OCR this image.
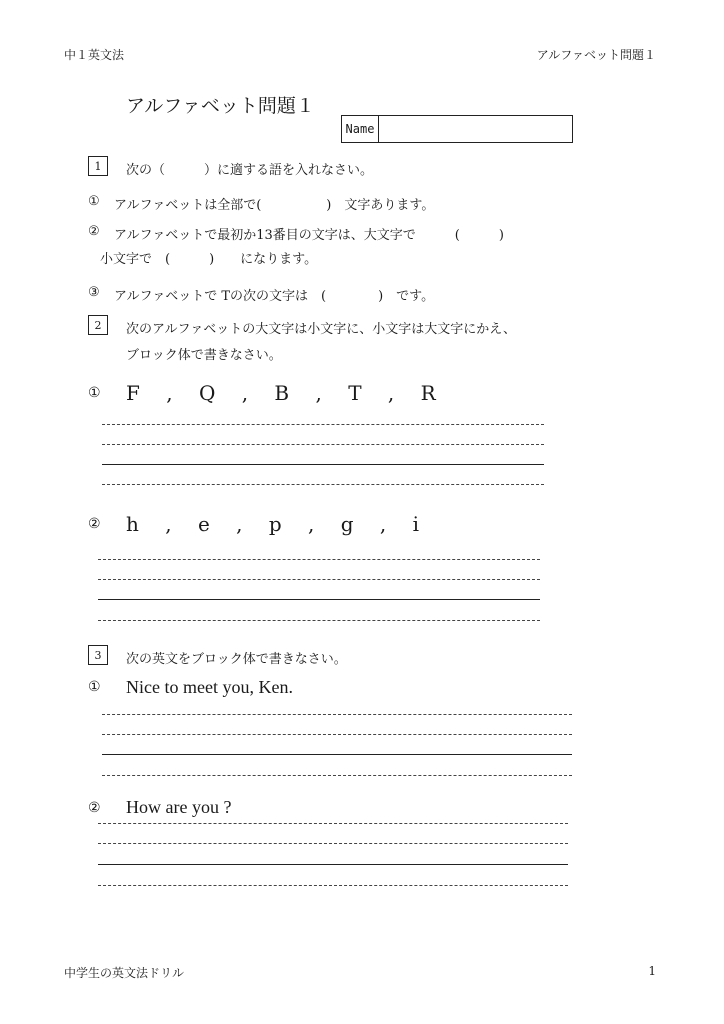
中１英文法	アルファベット問題１
アルファベット問題１
Name
1	次の（　　　）に適する語を入れなさい。
① アルファベットは全部で(　　　　　)　文字あります。
② アルファベットで最初か13番目の文字は、大文字で　　　(　　　)
小文字で　(　　　)　　になります。
③ アルファベットで Tの次の文字は　(　　　　)　です。
2	次のアルファベットの大文字は小文字に、小文字は大文字にかえ、
ブロック体で書きなさい。
① F , Q , B , T , R
② h , e , p , g , i
3	次の英文をブロック体で書きなさい。
① Nice to meet you, Ken.
② How are you ?
中学生の英文法ドリル	1
